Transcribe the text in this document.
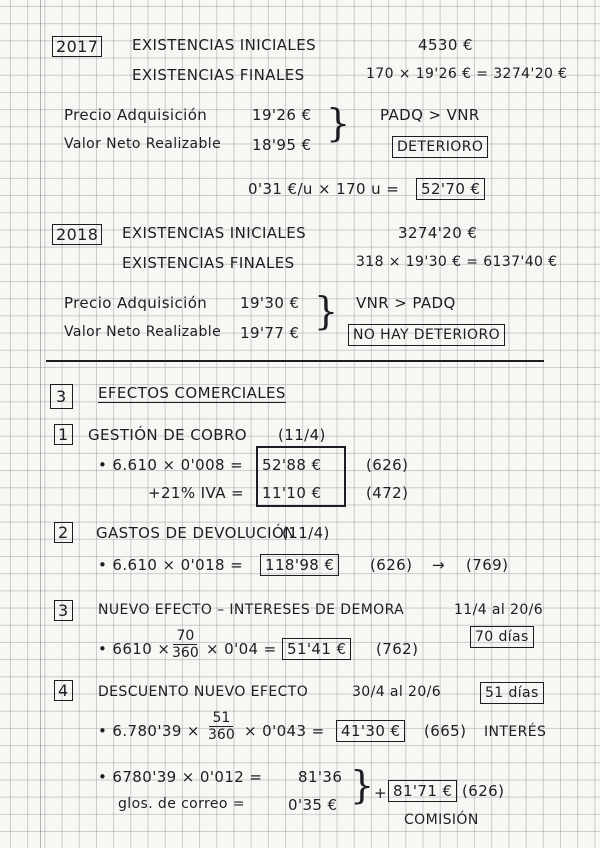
2017 EXISTENCIAS INICIALES	4530 €
EXISTENCIAS FINALES	170 × 19'26 € = 3274'20 €
Precio Adquisición	19'26 €
Valor Neto Realizable 18'95 € } PADQ > VNR
DETERIORO
0'31 €/u × 170 u =	52'70 €
2018 EXISTENCIAS INICIALES	3274'20 €
EXISTENCIAS FINALES	318 × 19'30 € = 6137'40 €
Precio Adquisición 19'30 €
Valor Neto Realizable 19'77 € } VNR > PADQ
NO HAY DETERIORO
3	EFECTOS COMERCIALES
1 GESTIÓN DE COBRO (11/4)
• 6.610 × 0'008 = 52'88 €	(626)
+21% IVA = 11'10 €	(472)
2 GASTOS DE DEVOLUCIÓN
(11/4)
• 6.610 × 0'018 =	118'98 €	(626) → (769)
3 NUEVO EFECTO – INTERESES DE DEMORA	11/4 al 20/6
70 días
• $6610 \times \frac{70}{360} \times 0'04 = 51'41$ €	(762)
4 DESCUENTO NUEVO EFECTO	30/4 al 20/6	51 días
• $6.780'39 \times \frac{51}{360} \times 0'043$ =	41'30 €	(665) INTERÉS
• 6780'39 × 0'012 = 81'36
glos. de correo =	0'35 € } + 81'71 € (626)
COMISIÓN
